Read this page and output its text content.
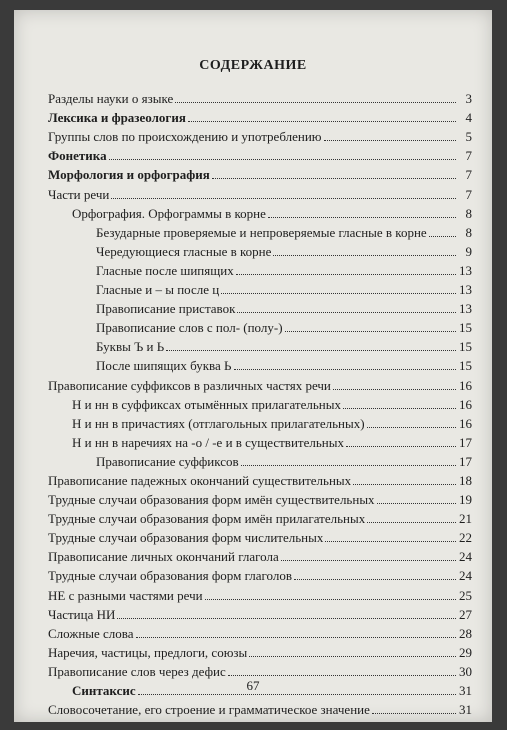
СОДЕРЖАНИЕ
Разделы науки о языке	3
Лексика и фразеология	4
Группы слов по происхождению и употреблению	5
Фонетика	7
Морфология и орфография	7
Части речи	7
Орфография. Орфограммы в корне	8
Безударные проверяемые и непроверяемые гласные в корне	8
Чередующиеся гласные в корне	9
Гласные после шипящих	13
Гласные и – ы после ц	13
Правописание приставок	13
Правописание слов с пол- (полу-)	15
Буквы Ъ и Ь	15
После шипящих буква Ь	15
Правописание суффиксов в различных частях речи	16
Н и нн в суффиксах отымённых прилагательных	16
Н и нн в причастиях (отглагольных прилагательных)	16
Н и нн в наречиях на -о / -е и в существительных	17
Правописание суффиксов	17
Правописание падежных окончаний существительных	18
Трудные случаи образования форм имён существительных	19
Трудные случаи образования форм имён прилагательных	21
Трудные случаи образования форм числительных	22
Правописание личных окончаний глагола	24
Трудные случаи образования форм глаголов	24
НЕ с разными частями речи	25
Частица НИ	27
Сложные слова	28
Наречия, частицы, предлоги, союзы	29
Правописание слов через дефис	30
Синтаксис	31
Словосочетание, его строение и грамматическое значение	31
67
